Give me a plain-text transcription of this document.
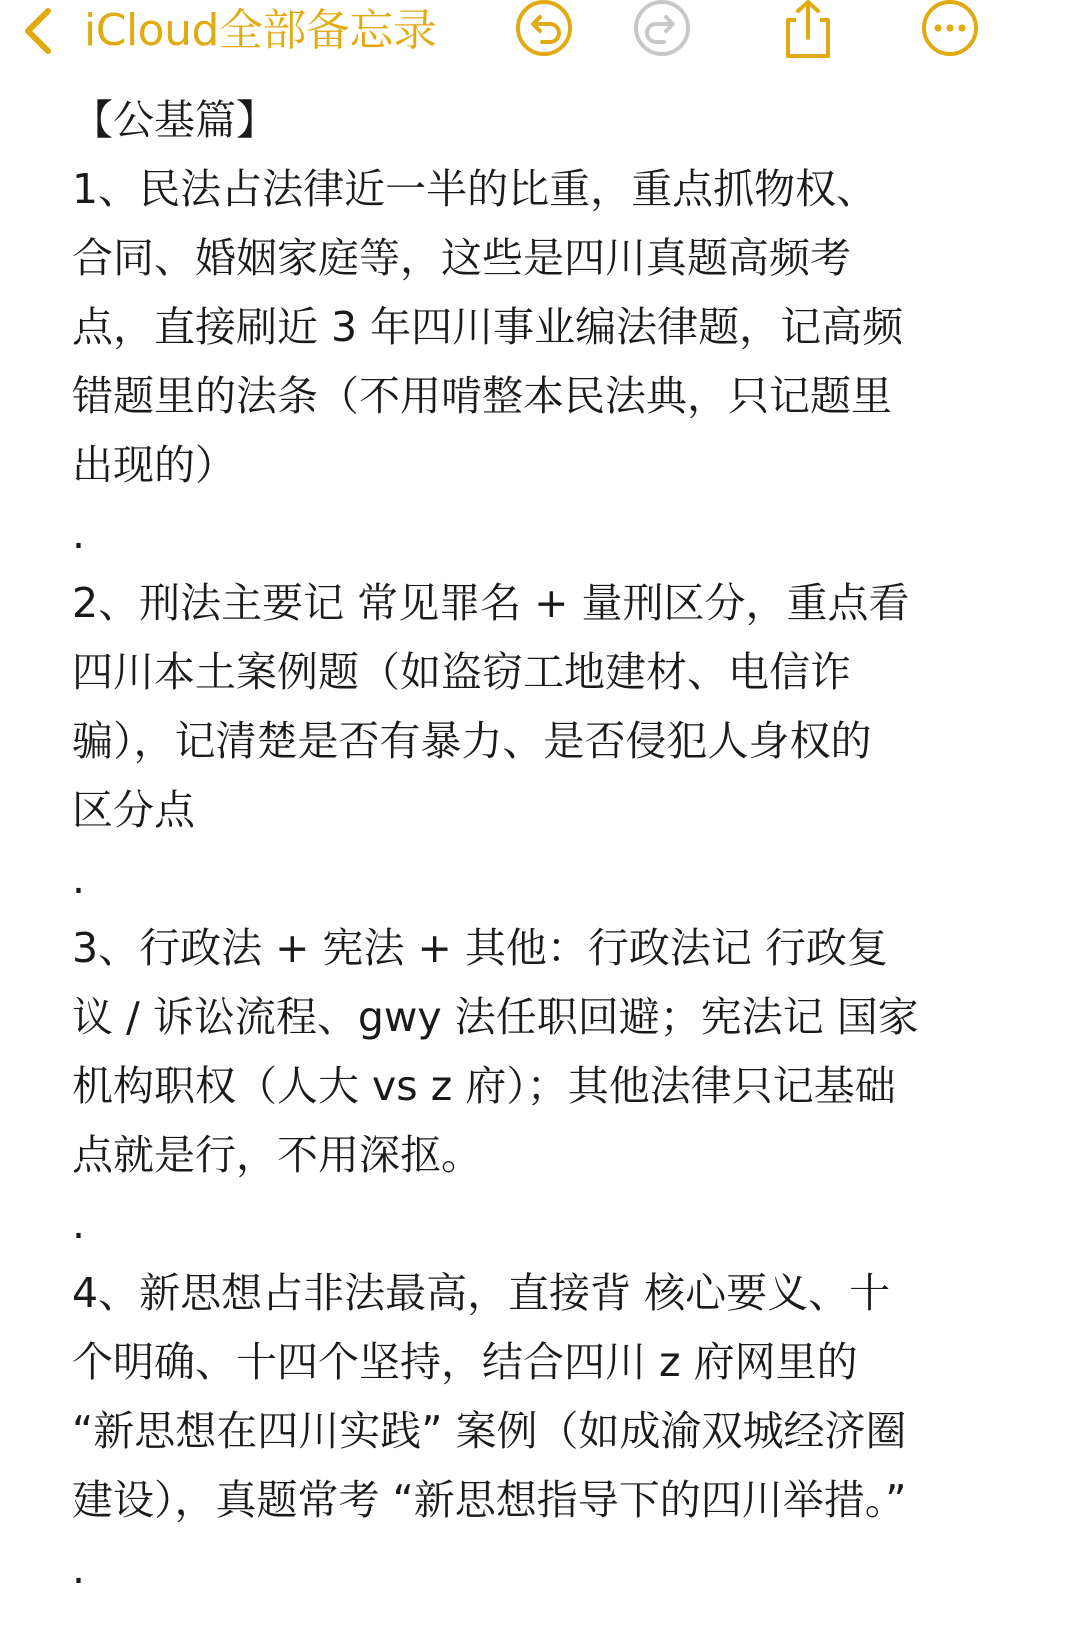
iCloud全部备忘录

【公基篇】

1、民法占法律近一半的比重，重点抓物权、

合同、婚姻家庭等，这些是四川真题高频考

点，直接刷近 3 年四川事业编法律题，记高频

错题里的法条（不用啃整本民法典，只记题里

出现的）

.

2、刑法主要记 常见罪名 + 量刑区分，重点看

四川本土案例题（如盗窃工地建材、电信诈

骗），记清楚是否有暴力、是否侵犯人身权的

区分点

.

3、行政法 + 宪法 + 其他：行政法记 行政复

议 / 诉讼流程、gwy 法任职回避；宪法记 国家

机构职权（人大 vs z 府）；其他法律只记基础

点就是行，不用深抠。

.

4、新思想占非法最高，直接背 核心要义、十

个明确、十四个坚持，结合四川 z 府网里的

“新思想在四川实践” 案例（如成渝双城经济圈

建设），真题常考 “新思想指导下的四川举措。”

.
